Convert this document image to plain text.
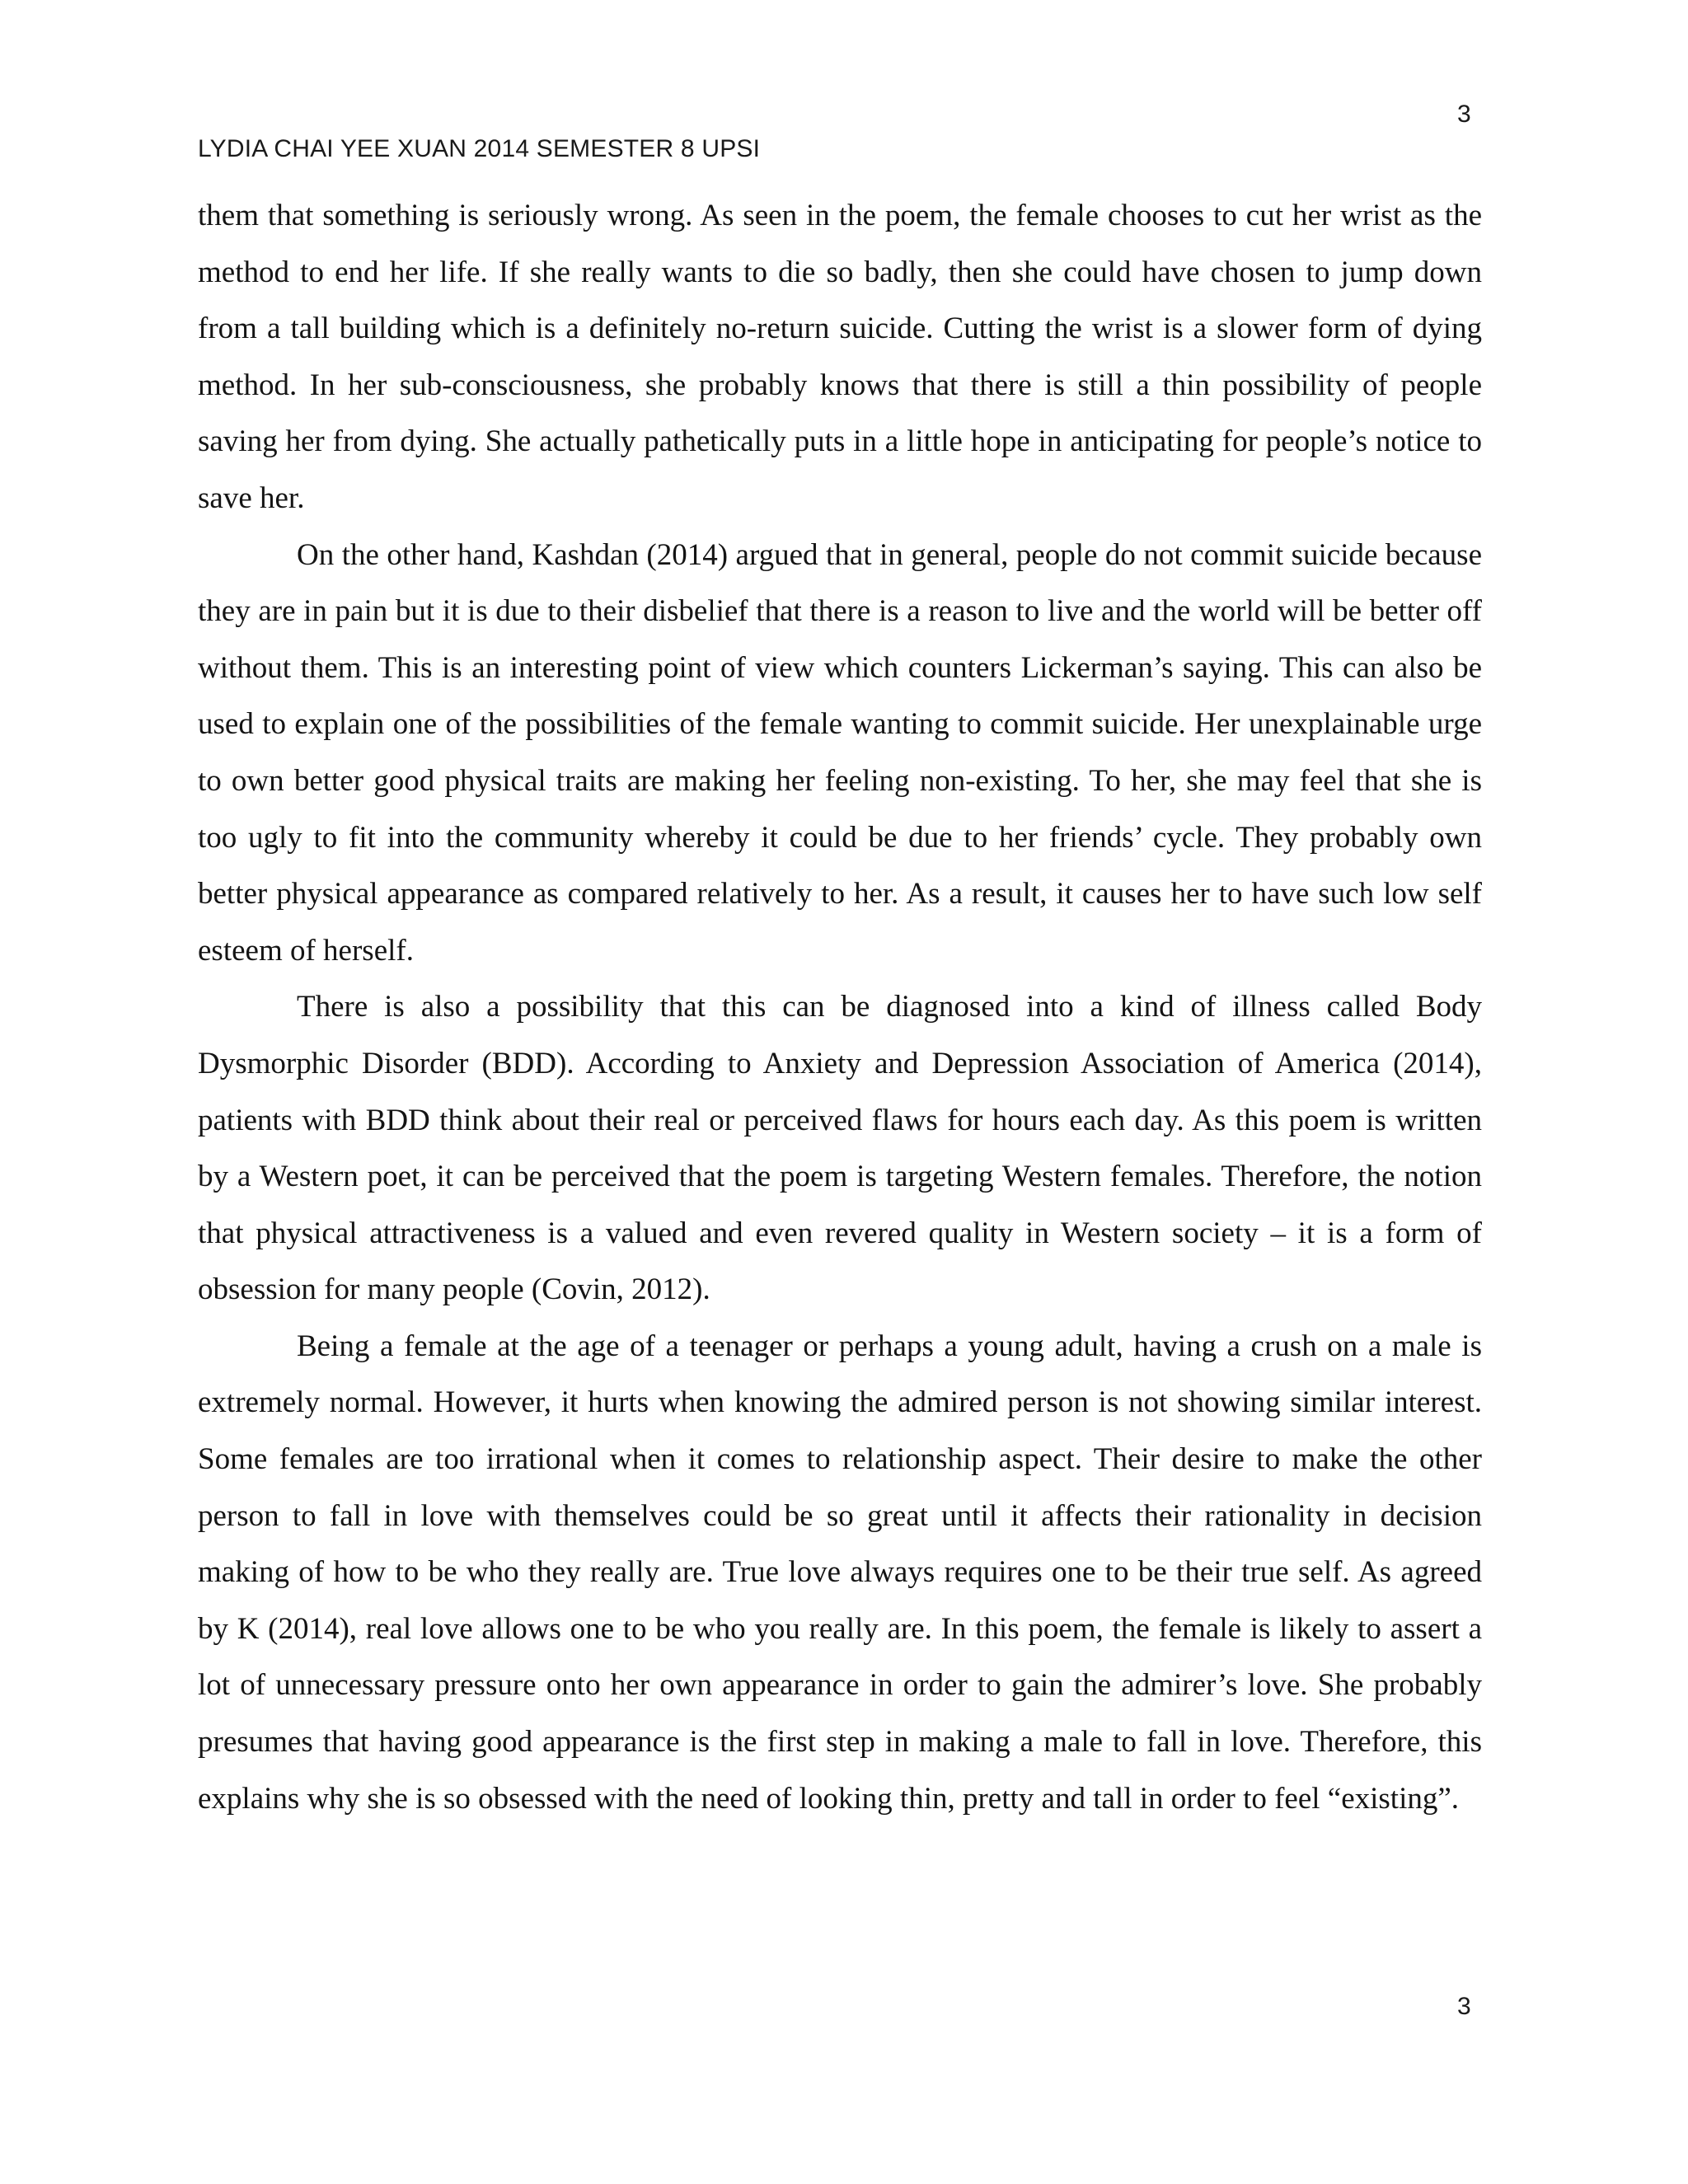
3
LYDIA CHAI YEE XUAN 2014 SEMESTER 8 UPSI

them that something is seriously wrong. As seen in the poem, the female chooses to cut her wrist as the method to end her life. If she really wants to die so badly, then she could have chosen to jump down from a tall building which is a definitely no-return suicide. Cutting the wrist is a slower form of dying method. In her sub-consciousness, she probably knows that there is still a thin possibility of people saving her from dying. She actually pathetically puts in a little hope in anticipating for people’s notice to save her.

On the other hand, Kashdan (2014) argued that in general, people do not commit suicide because they are in pain but it is due to their disbelief that there is a reason to live and the world will be better off without them. This is an interesting point of view which counters Lickerman’s saying. This can also be used to explain one of the possibilities of the female wanting to commit suicide. Her unexplainable urge to own better good physical traits are making her feeling non-existing. To her, she may feel that she is too ugly to fit into the community whereby it could be due to her friends’ cycle. They probably own better physical appearance as compared relatively to her. As a result, it causes her to have such low self esteem of herself.

There is also a possibility that this can be diagnosed into a kind of illness called Body Dysmorphic Disorder (BDD). According to Anxiety and Depression Association of America (2014), patients with BDD think about their real or perceived flaws for hours each day. As this poem is written by a Western poet, it can be perceived that the poem is targeting Western females. Therefore, the notion that physical attractiveness is a valued and even revered quality in Western society – it is a form of obsession for many people (Covin, 2012).

Being a female at the age of a teenager or perhaps a young adult, having a crush on a male is extremely normal. However, it hurts when knowing the admired person is not showing similar interest. Some females are too irrational when it comes to relationship aspect. Their desire to make the other person to fall in love with themselves could be so great until it affects their rationality in decision making of how to be who they really are. True love always requires one to be their true self. As agreed by K (2014), real love allows one to be who you really are. In this poem, the female is likely to assert a lot of unnecessary pressure onto her own appearance in order to gain the admirer’s love. She probably presumes that having good appearance is the first step in making a male to fall in love. Therefore, this explains why she is so obsessed with the need of looking thin, pretty and tall in order to feel “existing”.

3
